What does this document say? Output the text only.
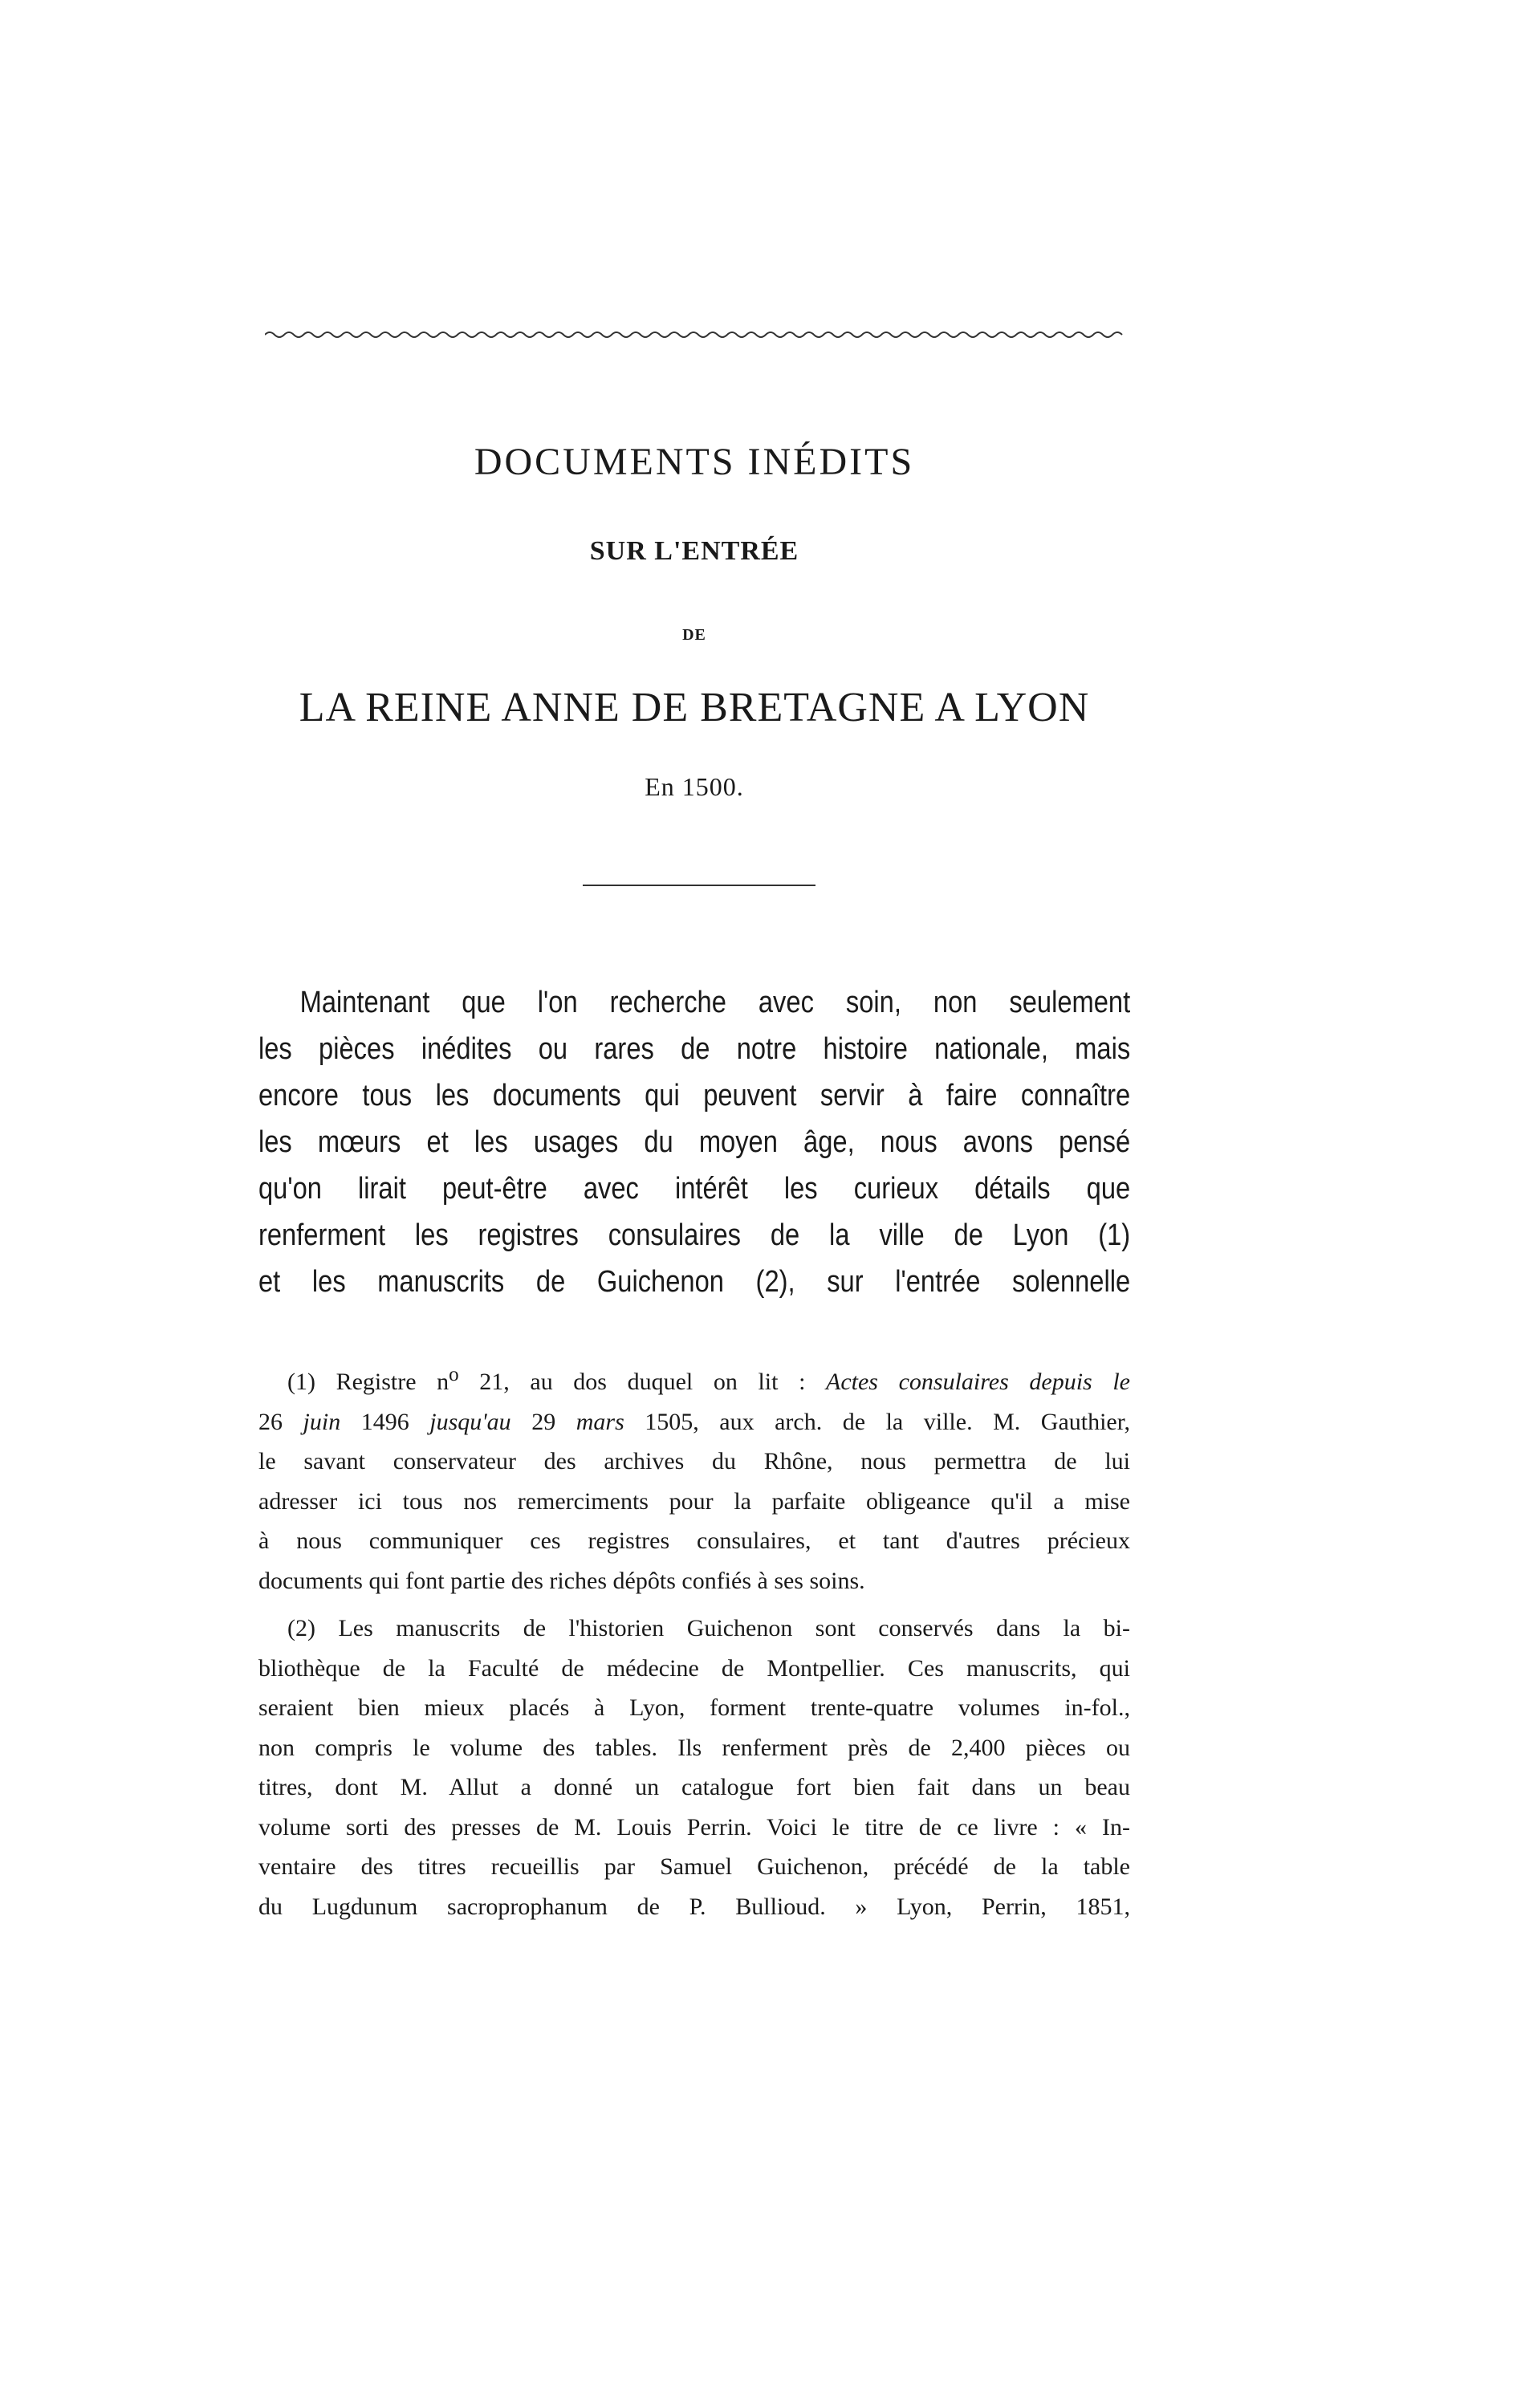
DOCUMENTS INÉDITS
SUR L'ENTRÉE
DE
LA REINE ANNE DE BRETAGNE A LYON
En 1500.
Maintenant que l'on recherche avec soin, non seulement
les pièces inédites ou rares de notre histoire nationale, mais
encore tous les documents qui peuvent servir à faire connaître
les mœurs et les usages du moyen âge, nous avons pensé
qu'on lirait peut-être avec intérêt les curieux détails que
renferment les registres consulaires de la ville de Lyon (1)
et les manuscrits de Guichenon (2), sur l'entrée solennelle
(1) Registre $n^o$ 21, au dos duquel on lit : Actes consulaires depuis le
26 juin 1496 jusqu'au 29 mars 1505, aux arch. de la ville. M. Gauthier,
le savant conservateur des archives du Rhône, nous permettra de lui
adresser ici tous nos remerciments pour la parfaite obligeance qu'il a mise
à nous communiquer ces registres consulaires, et tant d'autres précieux
documents qui font partie des riches dépôts confiés à ses soins.
(2) Les manuscrits de l'historien Guichenon sont conservés dans la bi-
bliothèque de la Faculté de médecine de Montpellier. Ces manuscrits, qui
seraient bien mieux placés à Lyon, forment trente-quatre volumes in-fol.,
non compris le volume des tables. Ils renferment près de 2,400 pièces ou
titres, dont M. Allut a donné un catalogue fort bien fait dans un beau
volume sorti des presses de M. Louis Perrin. Voici le titre de ce livre : « In-
ventaire des titres recueillis par Samuel Guichenon, précédé de la table
du Lugdunum sacroprophanum de P. Bullioud. » Lyon, Perrin, 1851,
